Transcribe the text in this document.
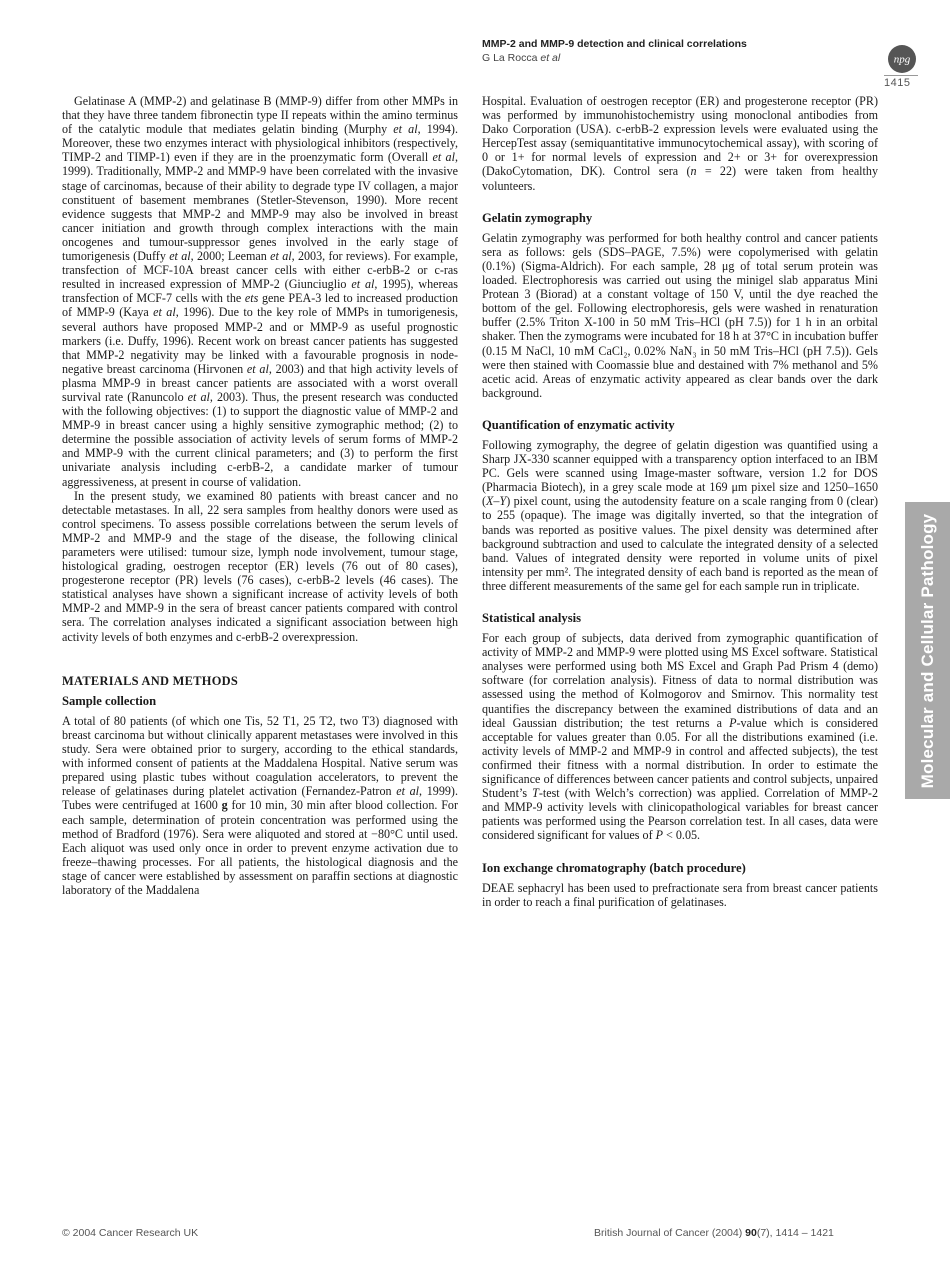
MMP-2 and MMP-9 detection and clinical correlations
G La Rocca et al	npg
1415

Gelatinase A (MMP-2) and gelatinase B (MMP-9) differ from other MMPs in that they have three tandem fibronectin type II repeats within the amino terminus of the catalytic module that mediates gelatin binding (Murphy et al, 1994). Moreover, these two enzymes interact with physiological inhibitors (respectively, TIMP-2 and TIMP-1) even if they are in the proenzymatic form (Overall et al, 1999). Traditionally, MMP-2 and MMP-9 have been correlated with the invasive stage of carcinomas, because of their ability to degrade type IV collagen, a major constituent of basement membranes (Stetler-Stevenson, 1990). More recent evidence suggests that MMP-2 and MMP-9 may also be involved in breast cancer initiation and growth through complex interactions with the main oncogenes and tumour-suppressor genes involved in the early stage of tumorigenesis (Duffy et al, 2000; Leeman et al, 2003, for reviews). For example, transfection of MCF-10A breast cancer cells with either c-erbB-2 or c-ras resulted in increased expression of MMP-2 (Giunciuglio et al, 1995), whereas transfection of MCF-7 cells with the ets gene PEA-3 led to increased production of MMP-9 (Kaya et al, 1996). Due to the key role of MMPs in tumorigenesis, several authors have proposed MMP-2 and or MMP-9 as useful prognostic markers (i.e. Duffy, 1996). Recent work on breast cancer patients has suggested that MMP-2 negativity may be linked with a favourable prognosis in node-negative breast carcinoma (Hirvonen et al, 2003) and that high activity levels of plasma MMP-9 in breast cancer patients are associated with a worst overall survival rate (Ranuncolo et al, 2003). Thus, the present research was conducted with the following objectives: (1) to support the diagnostic value of MMP-2 and MMP-9 in breast cancer using a highly sensitive zymographic method; (2) to determine the possible association of activity levels of serum forms of MMP-2 and MMP-9 with the current clinical parameters; and (3) to perform the first univariate analysis including c-erbB-2, a candidate marker of tumour aggressiveness, at present in course of validation.

In the present study, we examined 80 patients with breast cancer and no detectable metastases. In all, 22 sera samples from healthy donors were used as control specimens. To assess possible correlations between the serum levels of MMP-2 and MMP-9 and the stage of the disease, the following clinical parameters were utilised: tumour size, lymph node involvement, tumour stage, histological grading, oestrogen receptor (ER) levels (76 out of 80 cases), progesterone receptor (PR) levels (76 cases), c-erbB-2 levels (46 cases). The statistical analyses have shown a significant increase of activity levels of both MMP-2 and MMP-9 in the sera of breast cancer patients compared with control sera. The correlation analyses indicated a significant association between high activity levels of both enzymes and c-erbB-2 overexpression.

MATERIALS AND METHODS
Sample collection

A total of 80 patients (of which one Tis, 52 T1, 25 T2, two T3) diagnosed with breast carcinoma but without clinically apparent metastases were involved in this study. Sera were obtained prior to surgery, according to the ethical standards, with informed consent of patients at the Maddalena Hospital. Native serum was prepared using plastic tubes without coagulation accelerators, to prevent the release of gelatinases during platelet activation (Fernandez-Patron et al, 1999). Tubes were centrifuged at 1600 g for 10 min, 30 min after blood collection. For each sample, determination of protein concentration was performed using the method of Bradford (1976). Sera were aliquoted and stored at −80°C until used. Each aliquot was used only once in order to prevent enzyme activation due to freeze–thawing processes. For all patients, the histological diagnosis and the stage of cancer were established by assessment on paraffin sections at diagnostic laboratory of the Maddalena

Hospital. Evaluation of oestrogen receptor (ER) and progesterone receptor (PR) was performed by immunohistochemistry using monoclonal antibodies from Dako Corporation (USA). c-erbB-2 expression levels were evaluated using the HercepTest assay (semiquantitative immunocytochemical assay), with scoring of 0 or 1+ for normal levels of expression and 2+ or 3+ for overexpression (DakoCytomation, DK). Control sera (n = 22) were taken from healthy volunteers.

Gelatin zymography

Gelatin zymography was performed for both healthy control and cancer patients sera as follows: gels (SDS–PAGE, 7.5%) were copolymerised with gelatin (0.1%) (Sigma-Aldrich). For each sample, 28 μg of total serum protein was loaded. Electrophoresis was carried out using the minigel slab apparatus Mini Protean 3 (Biorad) at a constant voltage of 150 V, until the dye reached the bottom of the gel. Following electrophoresis, gels were washed in renaturation buffer (2.5% Triton X-100 in 50 mM Tris–HCl (pH 7.5)) for 1 h in an orbital shaker. Then the zymograms were incubated for 18 h at 37°C in incubation buffer (0.15 M NaCl, 10 mM CaCl₂, 0.02% NaN₃ in 50 mM Tris–HCl (pH 7.5)). Gels were then stained with Coomassie blue and destained with 7% methanol and 5% acetic acid. Areas of enzymatic activity appeared as clear bands over the dark background.

Quantification of enzymatic activity

Following zymography, the degree of gelatin digestion was quantified using a Sharp JX-330 scanner equipped with a transparency option interfaced to an IBM PC. Gels were scanned using Image-master software, version 1.2 for DOS (Pharmacia Biotech), in a grey scale mode at 169 μm pixel size and 1250–1650 (X–Y) pixel count, using the autodensity feature on a scale ranging from 0 (clear) to 255 (opaque). The image was digitally inverted, so that the integration of bands was reported as positive values. The pixel density was determined after background subtraction and used to calculate the integrated density of a selected band. Values of integrated density were reported in volume units of pixel intensity per mm². The integrated density of each band is reported as the mean of three different measurements of the same gel for each sample run in triplicate.

Statistical analysis

For each group of subjects, data derived from zymographic quantification of activity of MMP-2 and MMP-9 were plotted using MS Excel software. Statistical analyses were performed using both MS Excel and Graph Pad Prism 4 (demo) software (for correlation analysis). Fitness of data to normal distribution was assessed using the method of Kolmogorov and Smirnov. This normality test quantifies the discrepancy between the examined distributions of data and an ideal Gaussian distribution; the test returns a P-value which is considered acceptable for values greater than 0.05. For all the distributions examined (i.e. activity levels of MMP-2 and MMP-9 in control and affected subjects), the test confirmed their fitness with a normal distribution. In order to estimate the significance of differences between cancer patients and control subjects, unpaired Student’s T-test (with Welch’s correction) was applied. Correlation of MMP-2 and MMP-9 activity levels with clinicopathological variables for breast cancer patients was performed using the Pearson correlation test. In all cases, data were considered significant for values of P < 0.05.

Ion exchange chromatography (batch procedure)

DEAE sephacryl has been used to prefractionate sera from breast cancer patients in order to reach a final purification of gelatinases.

Molecular and Cellular Pathology
© 2004 Cancer Research UK	British Journal of Cancer (2004) 90(7), 1414 – 1421
